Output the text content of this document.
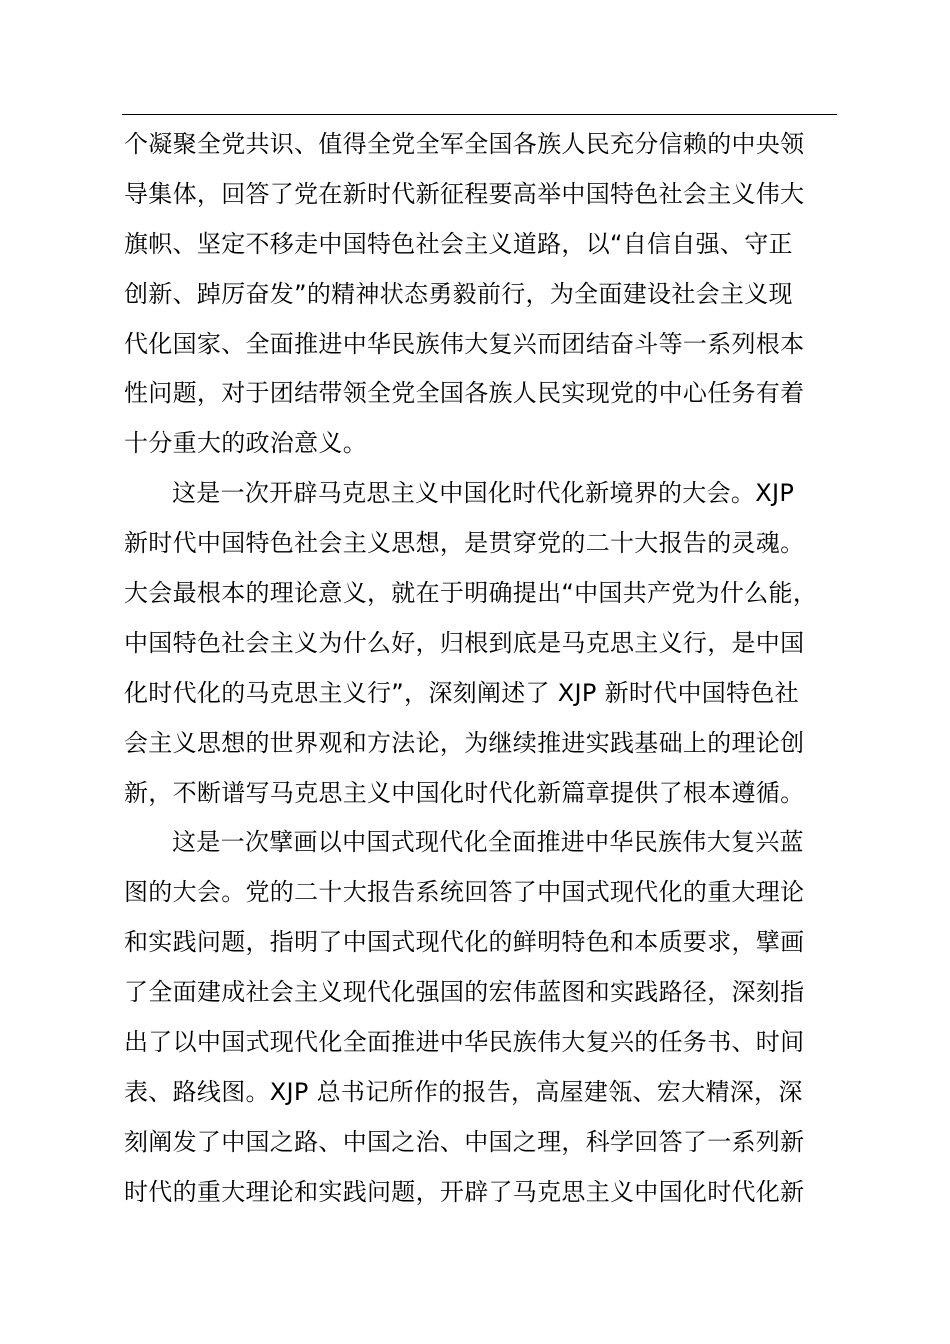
个凝聚全党共识、值得全党全军全国各族人民充分信赖的中央领
导集体，回答了党在新时代新征程要高举中国特色社会主义伟大
旗帜、坚定不移走中国特色社会主义道路，以“自信自强、守正
创新、踔厉奋发”的精神状态勇毅前行，为全面建设社会主义现
代化国家、全面推进中华民族伟大复兴而团结奋斗等一系列根本
性问题，对于团结带领全党全国各族人民实现党的中心任务有着
十分重大的政治意义。
这是一次开辟马克思主义中国化时代化新境界的大会。XJP
新时代中国特色社会主义思想，是贯穿党的二十大报告的灵魂。
大会最根本的理论意义，就在于明确提出“中国共产党为什么能，
中国特色社会主义为什么好，归根到底是马克思主义行，是中国
化时代化的马克思主义行”，深刻阐述了 XJP 新时代中国特色社
会主义思想的世界观和方法论，为继续推进实践基础上的理论创
新，不断谱写马克思主义中国化时代化新篇章提供了根本遵循。
这是一次擘画以中国式现代化全面推进中华民族伟大复兴蓝
图的大会。党的二十大报告系统回答了中国式现代化的重大理论
和实践问题，指明了中国式现代化的鲜明特色和本质要求，擘画
了全面建成社会主义现代化强国的宏伟蓝图和实践路径，深刻指
出了以中国式现代化全面推进中华民族伟大复兴的任务书、时间
表、路线图。XJP 总书记所作的报告，高屋建瓴、宏大精深，深
刻阐发了中国之路、中国之治、中国之理，科学回答了一系列新
时代的重大理论和实践问题，开辟了马克思主义中国化时代化新
